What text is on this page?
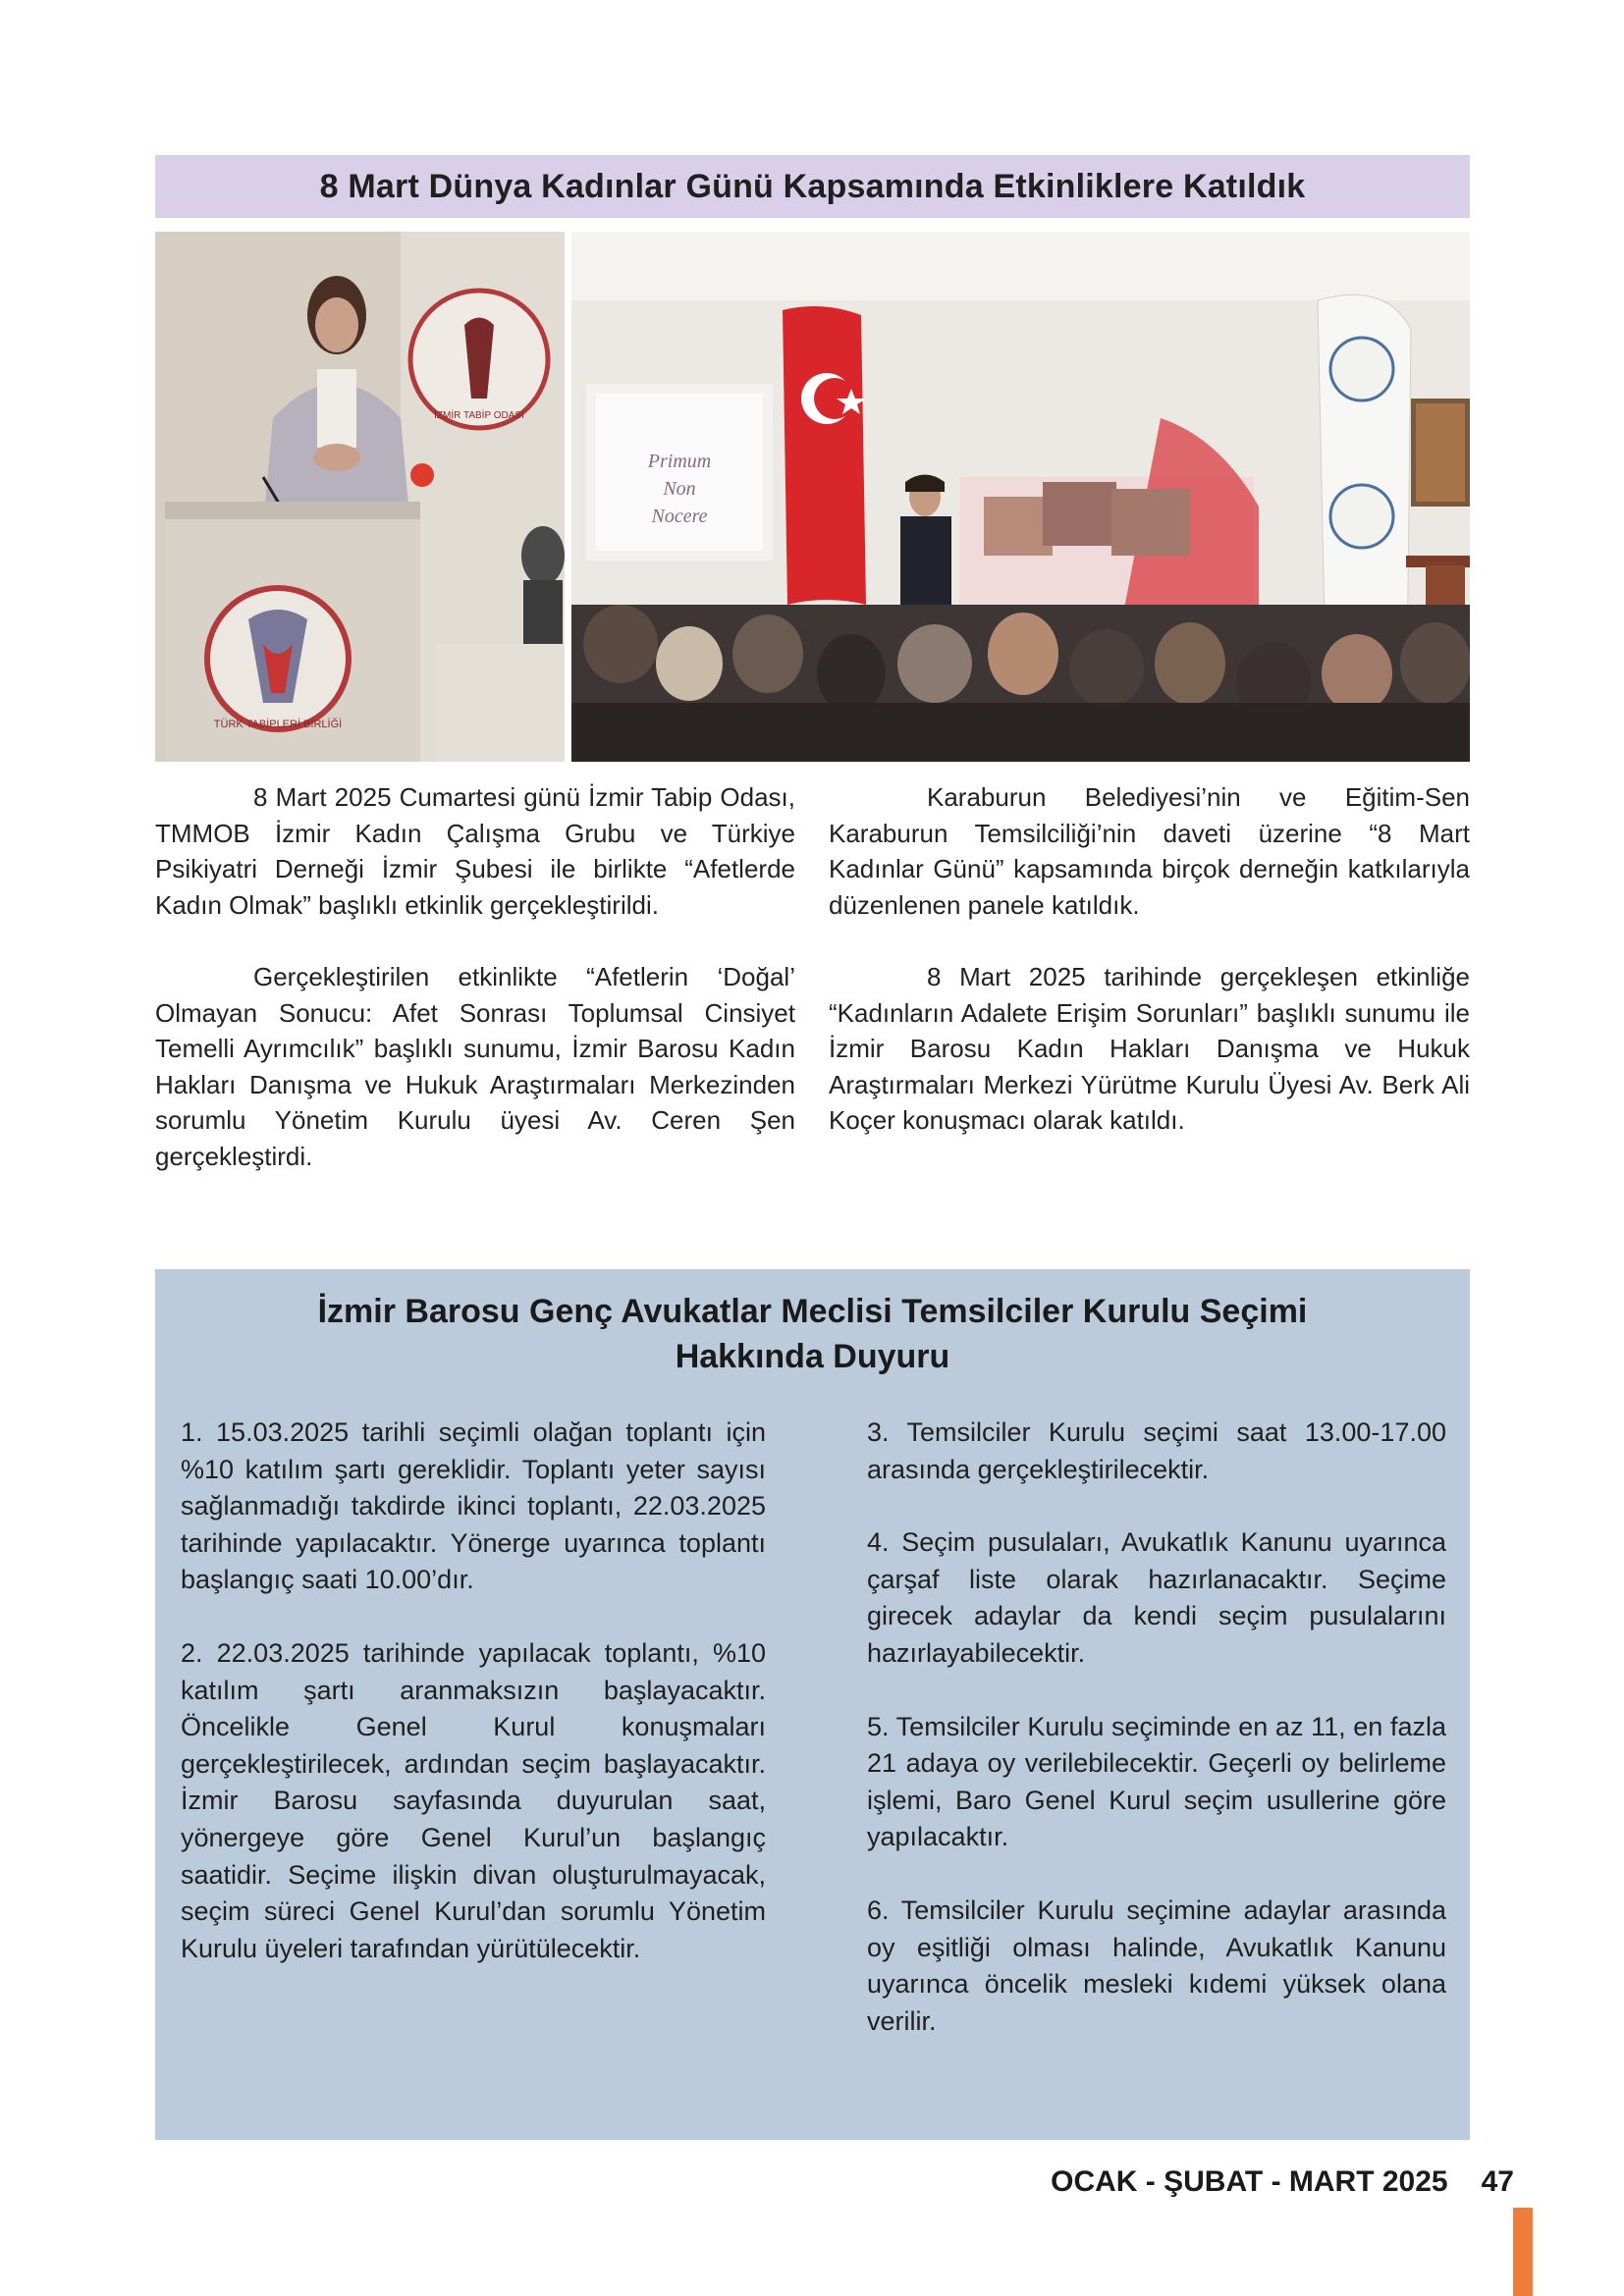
8 Mart Dünya Kadınlar Günü Kapsamında Etkinliklere Katıldık
İZMİR TABİP ODASI
TÜRK TABİPLERİ BİRLİĞİ
Primum
Non
Nocere

8 Mart 2025 Cumartesi günü İzmir Tabip Odası, TMMOB İzmir Kadın Çalışma Grubu ve Türkiye Psikiyatri Derneği İzmir Şubesi ile birlikte “Afetlerde Kadın Olmak” başlıklı etkinlik gerçekleştirildi.

Gerçekleştirilen etkinlikte “Afetlerin ‘Doğal’ Olmayan Sonucu: Afet Sonrası Toplumsal Cinsiyet Temelli Ayrımcılık” başlıklı sunumu, İzmir Barosu Kadın Hakları Danışma ve Hukuk Araştırmaları Merkezinden sorumlu Yönetim Kurulu üyesi Av. Ceren Şen gerçekleştirdi.

Karaburun Belediyesi’nin ve Eğitim-Sen Karaburun Temsilciliği’nin daveti üzerine “8 Mart Kadınlar Günü” kapsamında birçok derneğin katkılarıyla düzenlenen panele katıldık.

8 Mart 2025 tarihinde gerçekleşen etkinliğe “Kadınların Adalete Erişim Sorunları” başlıklı sunumu ile İzmir Barosu Kadın Hakları Danışma ve Hukuk Araştırmaları Merkezi Yürütme Kurulu Üyesi Av. Berk Ali Koçer konuşmacı olarak katıldı.

İzmir Barosu Genç Avukatlar Meclisi Temsilciler Kurulu Seçimi
Hakkında Duyuru

1. 15.03.2025 tarihli seçimli olağan toplantı için %10 katılım şartı gereklidir. Toplantı yeter sayısı sağlanmadığı takdirde ikinci toplantı, 22.03.2025 tarihinde yapılacaktır. Yönerge uyarınca toplantı başlangıç saati 10.00’dır.

2. 22.03.2025 tarihinde yapılacak toplantı, %10 katılım şartı aranmaksızın başlayacaktır. Öncelikle Genel Kurul konuşmaları gerçekleştirilecek, ardından seçim başlayacaktır. İzmir Barosu sayfasında duyurulan saat, yönergeye göre Genel Kurul’un başlangıç saatidir. Seçime ilişkin divan oluşturulmayacak, seçim süreci Genel Kurul’dan sorumlu Yönetim Kurulu üyeleri tarafından yürütülecektir.

3. Temsilciler Kurulu seçimi saat 13.00-17.00 arasında gerçekleştirilecektir.

4. Seçim pusulaları, Avukatlık Kanunu uyarınca çarşaf liste olarak hazırlanacaktır. Seçime girecek adaylar da kendi seçim pusulalarını hazırlayabilecektir.

5. Temsilciler Kurulu seçiminde en az 11, en fazla 21 adaya oy verilebilecektir. Geçerli oy belirleme işlemi, Baro Genel Kurul seçim usullerine göre yapılacaktır.

6. Temsilciler Kurulu seçimine adaylar arasında oy eşitliği olması halinde, Avukatlık Kanunu uyarınca öncelik mesleki kıdemi yüksek olana verilir.

OCAK - ŞUBAT - MART 2025 47
